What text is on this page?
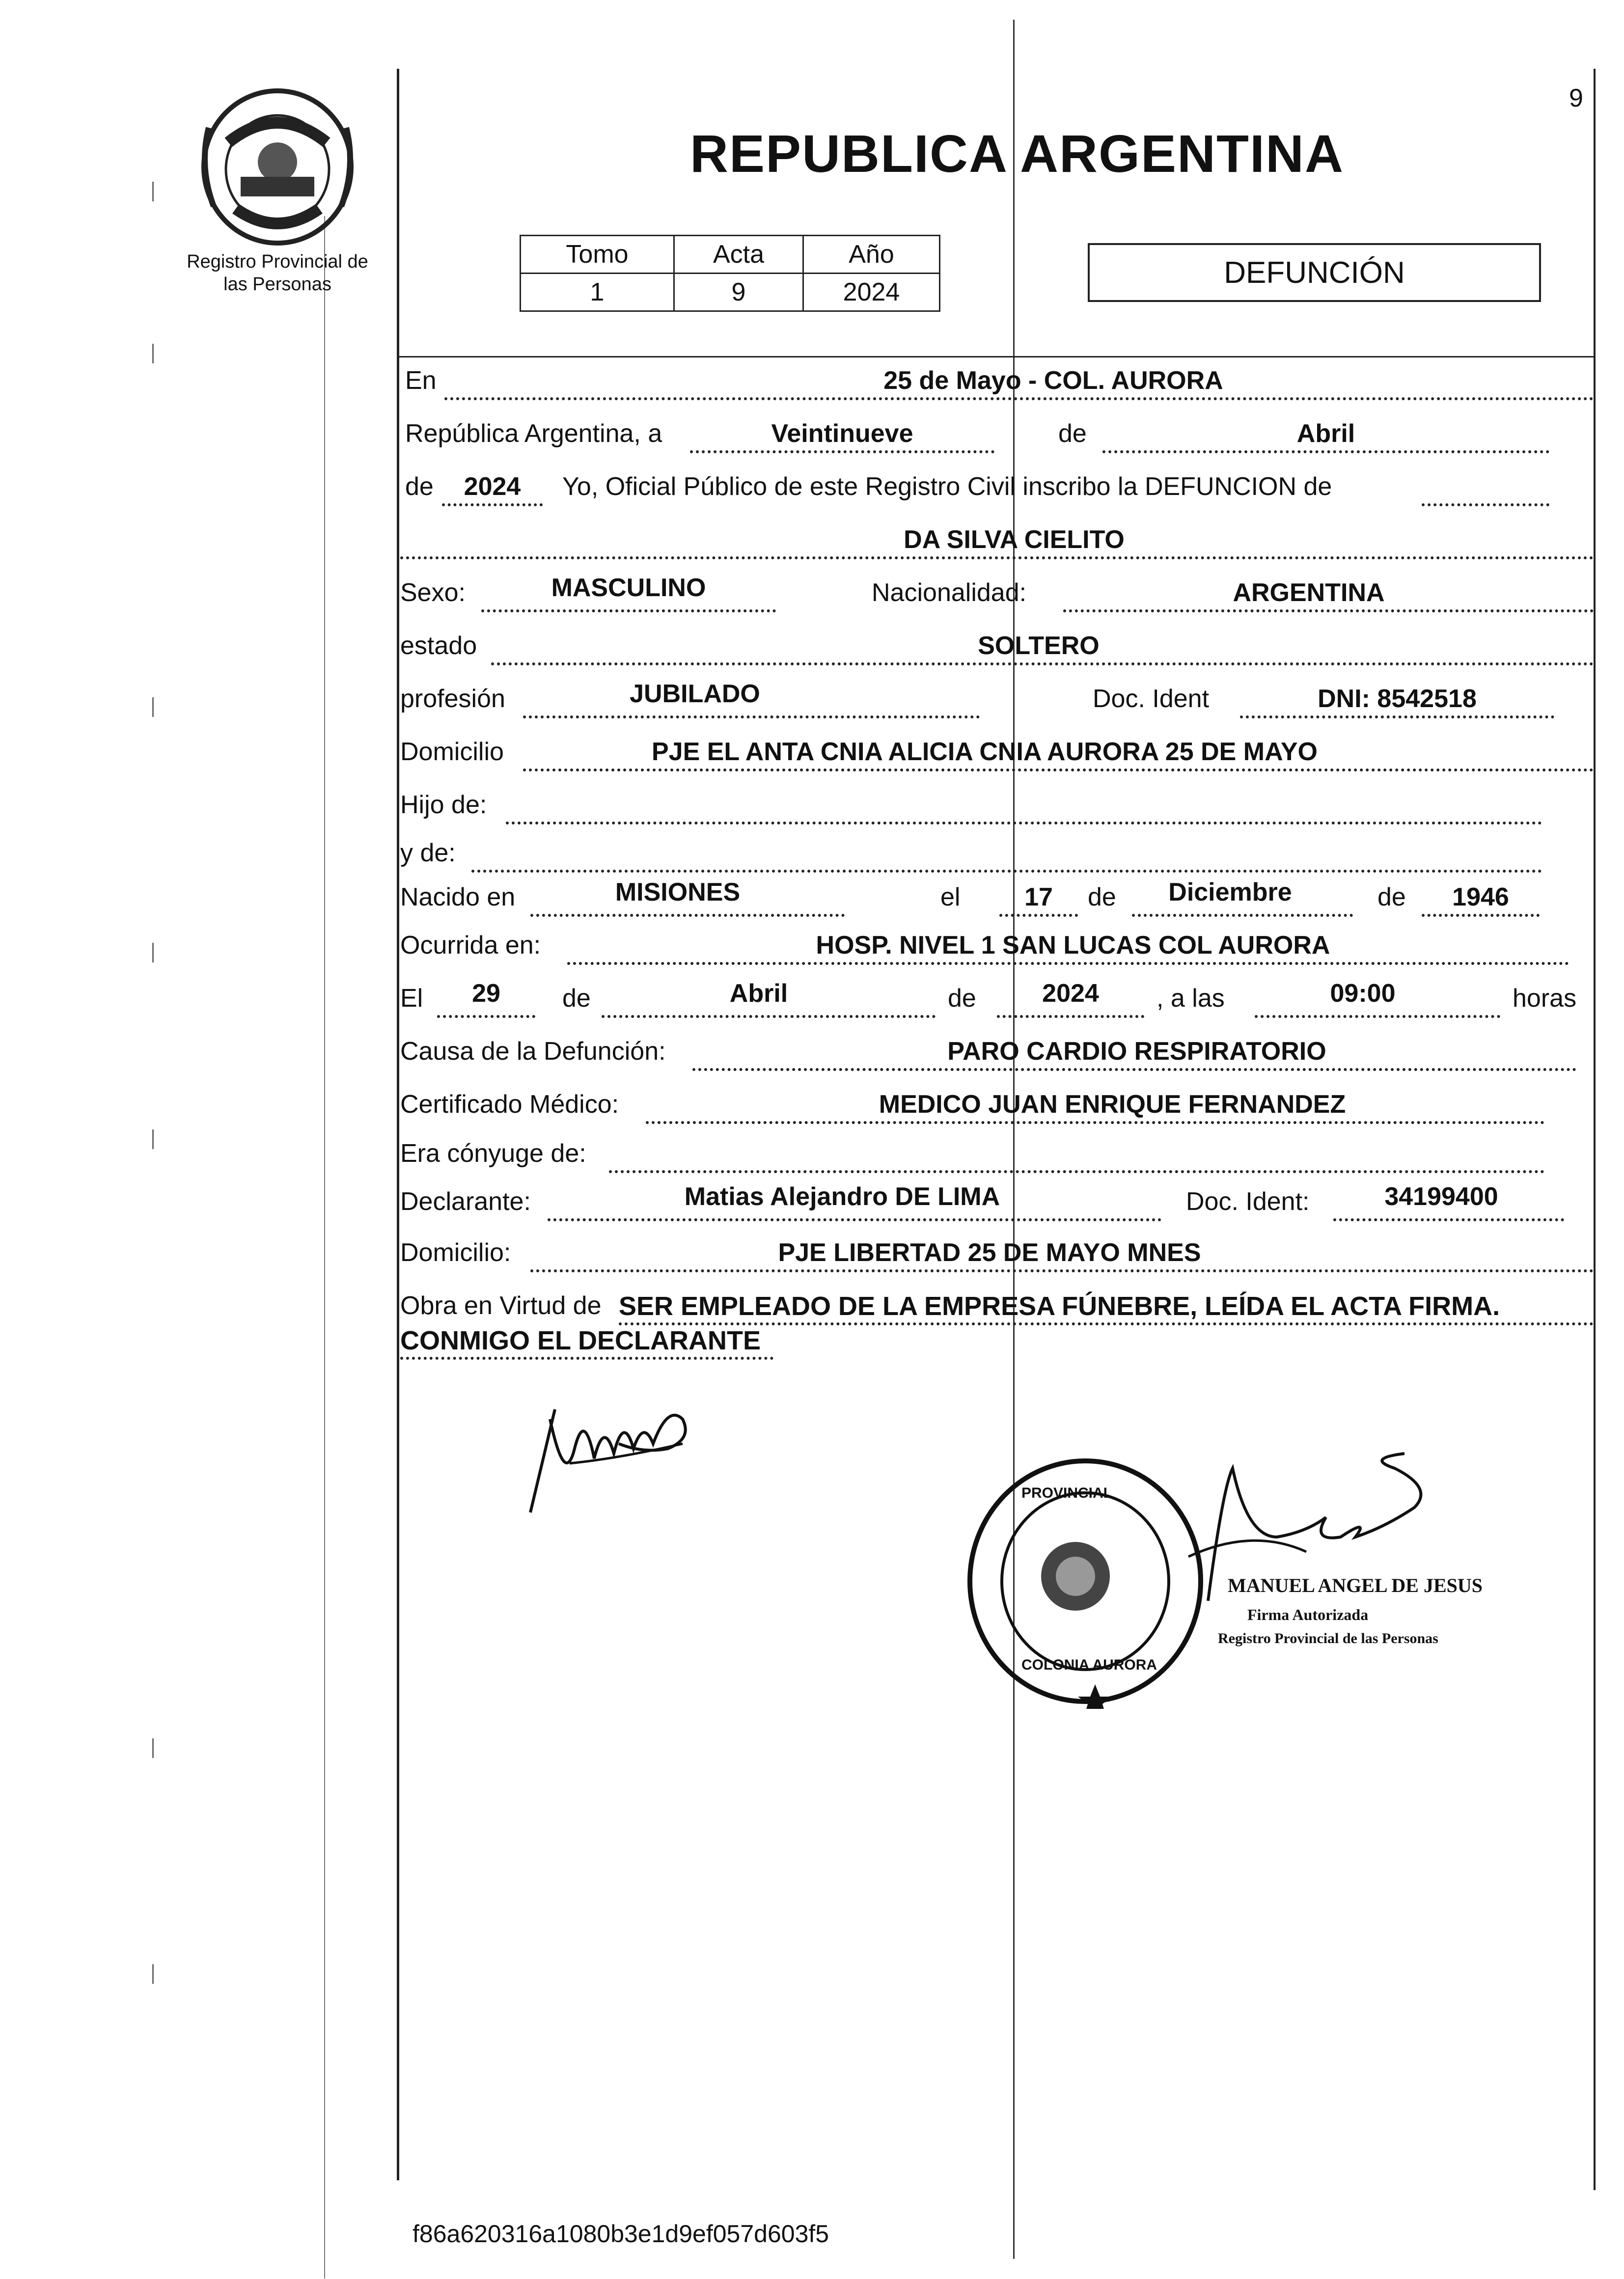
9
Registro Provincial de
las Personas
REPUBLICA ARGENTINA
Tomo	Acta	Año
1	9	2024
DEFUNCIÓN
En	25 de Mayo - COL. AURORA
República Argentina, a	Veintinueve	de	Abril
de	2024	Yo, Oficial Público de este Registro Civil inscribo la DEFUNCION de
DA SILVA CIELITO
Sexo:	MASCULINO	Nacionalidad:	ARGENTINA
estado	SOLTERO
profesión	JUBILADO	Doc. Ident	DNI: 8542518
Domicilio	PJE EL ANTA CNIA ALICIA CNIA AURORA 25 DE MAYO
Hijo de:
y de:
Nacido en	MISIONES	el	17	de	Diciembre	de	1946
Ocurrida en:	HOSP. NIVEL 1 SAN LUCAS COL AURORA
El	29	de	Abril	de	2024	, a las	09:00	horas
Causa de la Defunción:	PARO CARDIO RESPIRATORIO
Certificado Médico:	MEDICO JUAN ENRIQUE FERNANDEZ
Era cónyuge de:
Declarante:	Matias Alejandro DE LIMA	Doc. Ident:	34199400
Domicilio:	PJE LIBERTAD 25 DE MAYO MNES
Obra en Virtud de SER EMPLEADO DE LA EMPRESA FÚNEBRE, LEÍDA EL ACTA FIRMA.
CONMIGO EL DECLARANTE
PROVINCIAL
COLONIA AURORA
MANUEL ANGEL DE JESUS
Firma Autorizada
Registro Provincial de las Personas
f86a620316a1080b3e1d9ef057d603f5
